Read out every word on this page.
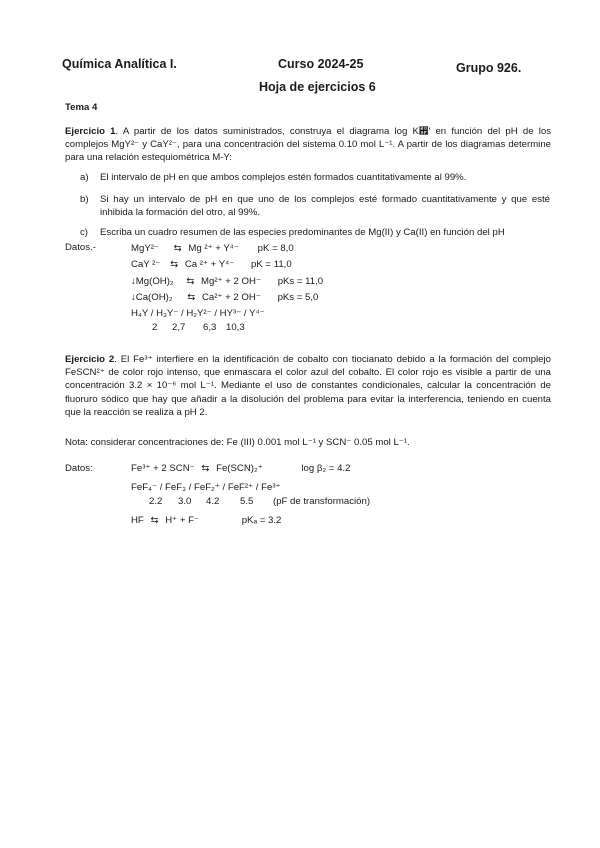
Química Analítica I.	Curso 2024-25	Grupo 926.
Hoja de ejercicios 6
Tema 4
Ejercicio 1. A partir de los datos suministrados, construya el diagrama log K₟' en función del pH de los complejos MgY²⁻ y CaY²⁻, para una concentración del sistema 0.10 mol L⁻¹. A partir de los diagramas determine para una relación estequiométrica M-Y:
a) El intervalo de pH en que ambos complejos estén formados cuantitativamente al 99%.
b) Si hay un intervalo de pH en que uno de los complejos esté formado cuantitativamente y que esté inhibida la formación del otro, al 99%.
c) Escriba un cuadro resumen de las especies predominantes de Mg(II) y Ca(II) en función del pH
Datos.-	MgY²⁻ ⇆ Mg ²⁺ + Y⁴⁻ pK = 8,0
CaY ²⁻ ⇆ Ca ²⁺ + Y⁴⁻ pK = 11,0
↓Mg(OH)₂ ⇆ Mg²⁺ + 2 OH⁻ pKs = 11,0
↓Ca(OH)₂ ⇆ Ca²⁺ + 2 OH⁻ pKs = 5,0
H₄Y / H₃Y⁻ / H₂Y²⁻ / HY³⁻ / Y⁴⁻
2 2,7 6,3 10,3
Ejercicio 2. El Fe³⁺ interfiere en la identificación de cobalto con tiocianato debido a la formación del complejo FeSCN²⁺ de color rojo intenso, que enmascara el color azul del cobalto. El color rojo es visible a partir de una concentración 3.2 × 10⁻⁶ mol L⁻¹. Mediante el uso de constantes condicionales, calcular la concentración de fluoruro sódico que hay que añadir a la disolución del problema para evitar la interferencia, teniendo en cuenta que la reacción se realiza a pH 2.
Nota: considerar concentraciones de: Fe (III) 0.001 mol L⁻¹ y SCN⁻ 0.05 mol L⁻¹.
Datos:	Fe³⁺ + 2 SCN⁻ ⇆ Fe(SCN)₂⁺	log β₂ = 4.2
FeF₄⁻ / FeF₃ / FeF₂⁺ / FeF²⁺ / Fe³⁺
2.2 3.0 4.2 5.5 (pF de transformación)
HF ⇆ H⁺ + F⁻	pKₐ = 3.2
